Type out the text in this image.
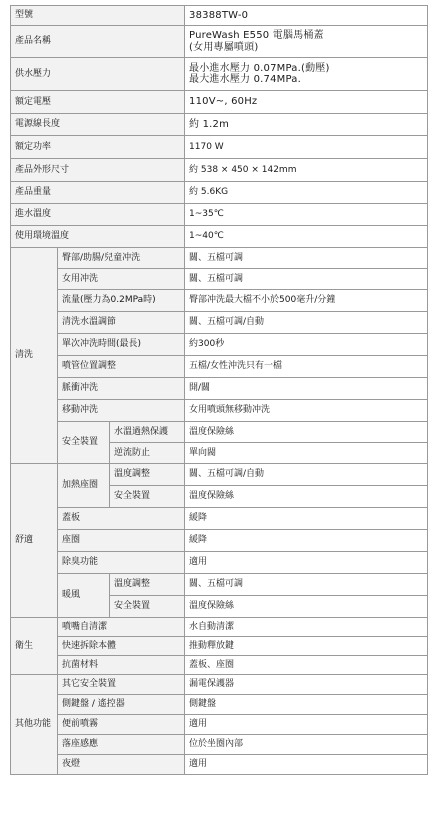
型號			38388TW-0
產品名稱			PureWash E550 電腦馬桶蓋
(女用專屬噴頭)
供水壓力			最小進水壓力 0.07MPa.(動壓)
最大進水壓力 0.74MPa.
額定電壓			110V~, 60Hz
電源線長度			約 1.2m
額定功率			1170 W
產品外形尺寸			約 538 × 450 × 142mm
產品重量			約 5.6KG
進水溫度			1~35℃
使用環境溫度			1~40℃
清洗	臀部/助腸/兒童冲洗		關、五檔可調
	女用冲洗		關、五檔可調
	流量(壓力為0.2MPa時)		臀部冲洗最大檔不小於500毫升/分鐘
	清洗水溫調節		關、五檔可調/自動
	單次冲洗時間(最長)		約300秒
	噴管位置調整		五檔/女性沖洗只有一檔
	脈衝冲洗		開/關
	移動冲洗		女用噴頭無移動冲洗
	安全裝置	水溫過熱保護	溫度保險絲
		逆流防止	單向閥
舒適	加熱座圈	溫度調整	關、五檔可調/自動
		安全裝置	溫度保險絲
	蓋板		緩降
	座圈		緩降
	除臭功能		適用
	暖風	溫度調整	關、五檔可調
		安全裝置	溫度保險絲
衛生	噴嘴自清潔		水自動清潔
	快速拆除本體		推動釋放鍵
	抗菌材料		蓋板、座圈
其他功能	其它安全裝置		漏電保護器
	側鍵盤 / 遙控器		側鍵盤
	便前噴霧		適用
	落座感應		位於坐圈內部
	夜燈		適用
